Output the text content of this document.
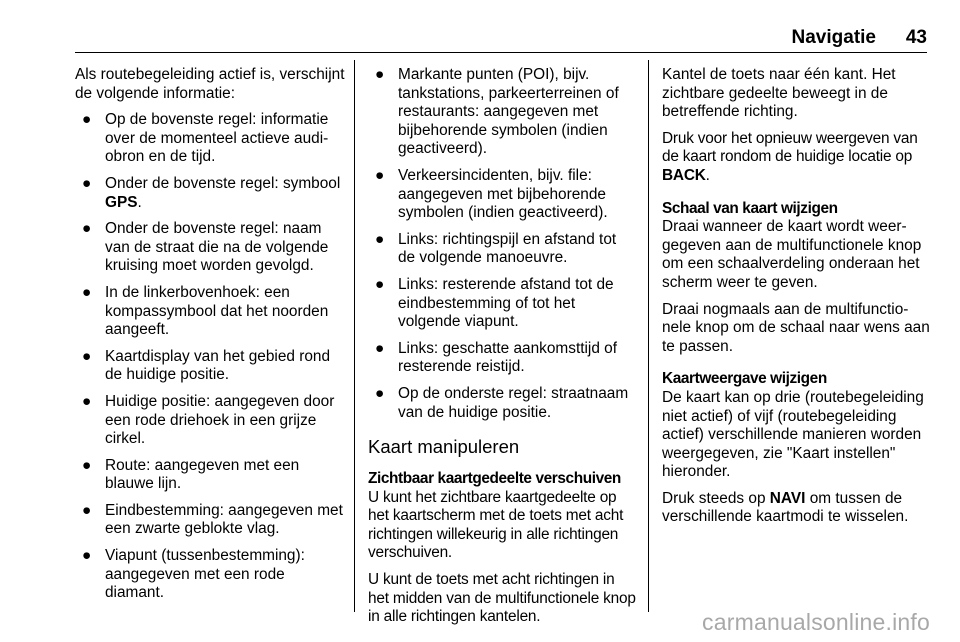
Navigatie 43

Als routebegeleiding actief is, verschijnt de volgende informatie:

● Op de bovenste regel: informatie over de momenteel actieve audiobron en de tijd.
● Onder de bovenste regel: symbool GPS.
● Onder de bovenste regel: naam van de straat die na de volgende kruising moet worden gevolgd.
● In de linkerbovenhoek: een kompassymbool dat het noorden aangeeft.
● Kaartdisplay van het gebied rond de huidige positie.
● Huidige positie: aangegeven door een rode driehoek in een grijze cirkel.
● Route: aangegeven met een blauwe lijn.
● Eindbestemming: aangegeven met een zwarte geblokte vlag.
● Viapunt (tussenbestemming): aangegeven met een rode diamant.
● Markante punten (POI), bijv. tankstations, parkeerterreinen of restaurants: aangegeven met bijbehorende symbolen (indien geactiveerd).
● Verkeersincidenten, bijv. file: aangegeven met bijbehorende symbolen (indien geactiveerd).
● Links: richtingspijl en afstand tot de volgende manoeuvre.
● Links: resterende afstand tot de eindbestemming of tot het volgende viapunt.
● Links: geschatte aankomsttijd of resterende reistijd.
● Op de onderste regel: straatnaam van de huidige positie.
Kaart manipuleren
Zichtbaar kaartgedeelte verschuiven

U kunt het zichtbare kaartgedeelte op het kaartscherm met de toets met acht richtingen willekeurig in alle richtingen verschuiven.

U kunt de toets met acht richtingen in het midden van de multifunctionele knop in alle richtingen kantelen.

Kantel de toets naar één kant. Het zichtbare gedeelte beweegt in de betreffende richting.

Druk voor het opnieuw weergeven van de kaart rondom de huidige locatie op BACK.

Schaal van kaart wijzigen

Draai wanneer de kaart wordt weergegeven aan de multifunctionele knop om een schaalverdeling onderaan het scherm weer te geven.

Draai nogmaals aan de multifunctionele knop om de schaal naar wens aan te passen.

Kaartweergave wijzigen

De kaart kan op drie (routebegeleiding niet actief) of vijf (routebegeleiding actief) verschillende manieren worden weergegeven, zie "Kaart instellen" hieronder.

Druk steeds op NAVI om tussen de verschillende kaartmodi te wisselen.

carmanualsonline.info
